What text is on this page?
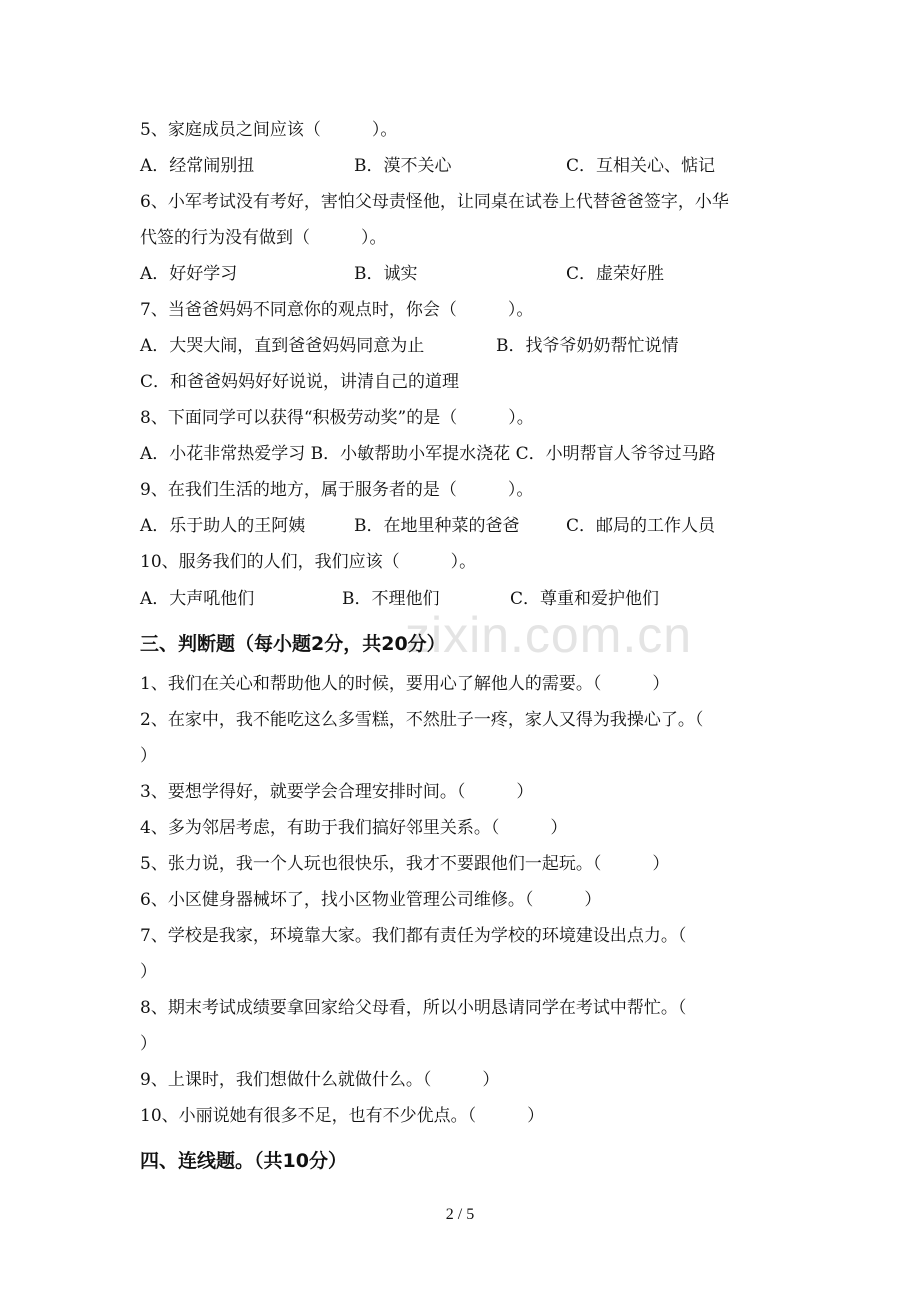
zixin.com.cn
5、家庭成员之间应该（　　　）。
A．经常闹别扭	B．漠不关心	C．互相关心、惦记
6、小军考试没有考好，害怕父母责怪他，让同桌在试卷上代替爸爸签字，小华
代签的行为没有做到（　　　）。
A．好好学习	B．诚实	C．虚荣好胜
7、当爸爸妈妈不同意你的观点时，你会（　　　）。
A．大哭大闹，直到爸爸妈妈同意为止	B．找爷爷奶奶帮忙说情
C．和爸爸妈妈好好说说，讲清自己的道理
8、下面同学可以获得“积极劳动奖”的是（　　　）。
A．小花非常热爱学习 B．小敏帮助小军提水浇花 C．小明帮盲人爷爷过马路
9、在我们生活的地方，属于服务者的是（　　　）。
A．乐于助人的王阿姨	B．在地里种菜的爸爸	C．邮局的工作人员
10、服务我们的人们，我们应该（　　　）。
A．大声吼他们	B．不理他们	C．尊重和爱护他们
三、判断题（每小题2分，共20分）
1、我们在关心和帮助他人的时候，要用心了解他人的需要。（　　　）
2、在家中，我不能吃这么多雪糕，不然肚子一疼，家人又得为我操心了。（
）
3、要想学得好，就要学会合理安排时间。（　　　）
4、多为邻居考虑，有助于我们搞好邻里关系。（　　　）
5、张力说，我一个人玩也很快乐，我才不要跟他们一起玩。（　　　）
6、小区健身器械坏了，找小区物业管理公司维修。（　　　）
7、学校是我家，环境靠大家。我们都有责任为学校的环境建设出点力。（
）
8、期末考试成绩要拿回家给父母看，所以小明恳请同学在考试中帮忙。（
）
9、上课时，我们想做什么就做什么。（　　　）
10、小丽说她有很多不足，也有不少优点。（　　　）
四、连线题。（共10分）
2 / 5
